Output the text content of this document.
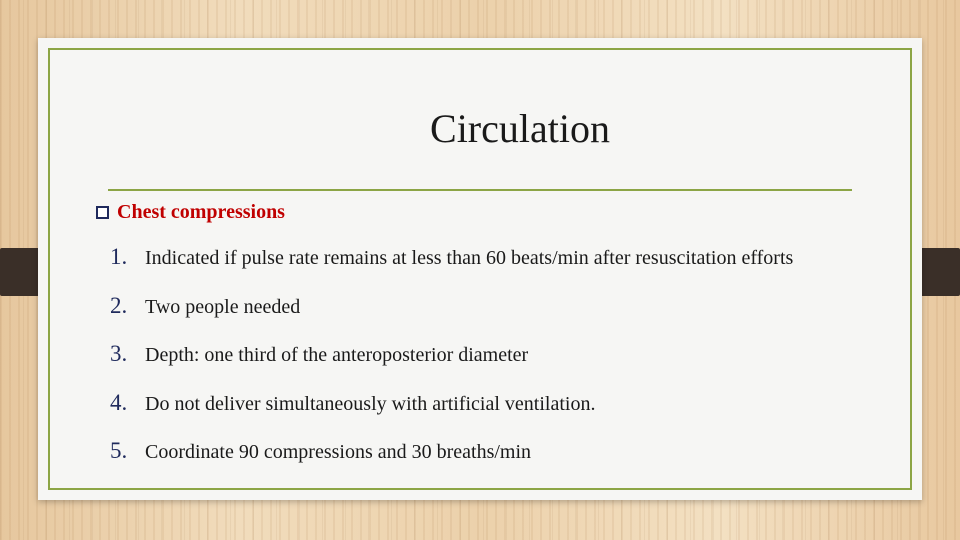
Circulation
Chest compressions
1. Indicated if pulse rate remains at less than 60 beats/min after resuscitation efforts
2. Two people needed
3. Depth: one third of the anteroposterior diameter
4. Do not deliver simultaneously with artificial ventilation.
5. Coordinate 90 compressions and 30 breaths/min
